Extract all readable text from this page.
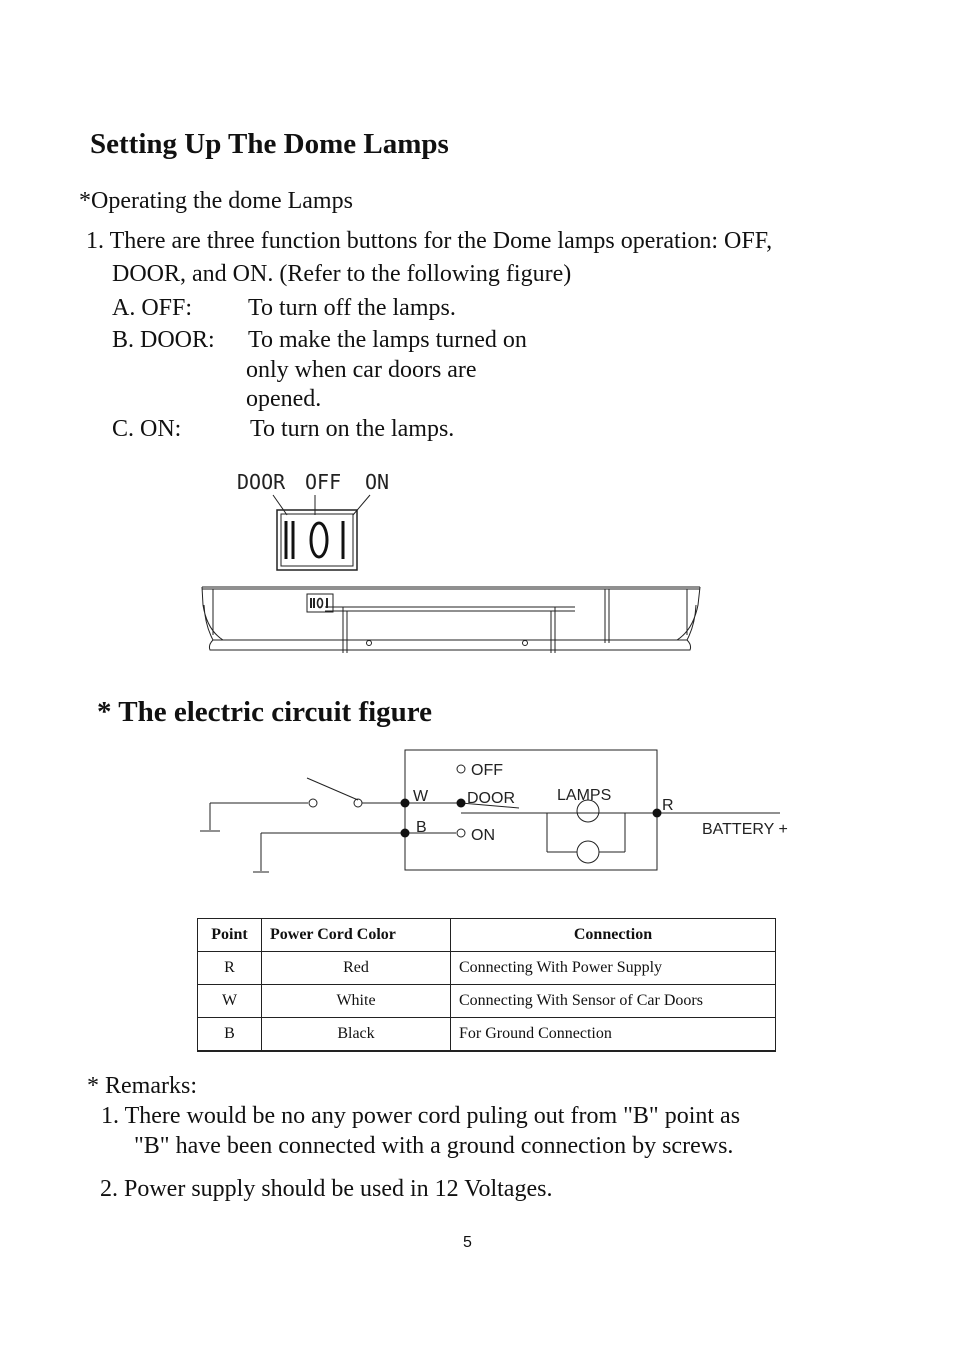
Setting Up The Dome Lamps
*Operating the dome Lamps
1. There are three function buttons for the Dome lamps operation: OFF,
DOOR, and ON. (Refer to the following figure)
A. OFF: To turn off the lamps.
B. DOOR: To make the lamps turned on
only when car doors are
opened.
C. ON:	To turn on the lamps.
DOOR OFF ON
* The electric circuit figure
OFF
DOOR
ON
LAMPS
W
B
R
BATTERY +
Point	Power Cord Color	Connection
R	Red	Connecting With Power Supply
W	White	Connecting With Sensor of Car Doors
B	Black	For Ground Connection
* Remarks:
1. There would be no any power cord puling out from "B" point as
"B" have been connected with a ground connection by screws.
2. Power supply should be used in 12 Voltages.
5
